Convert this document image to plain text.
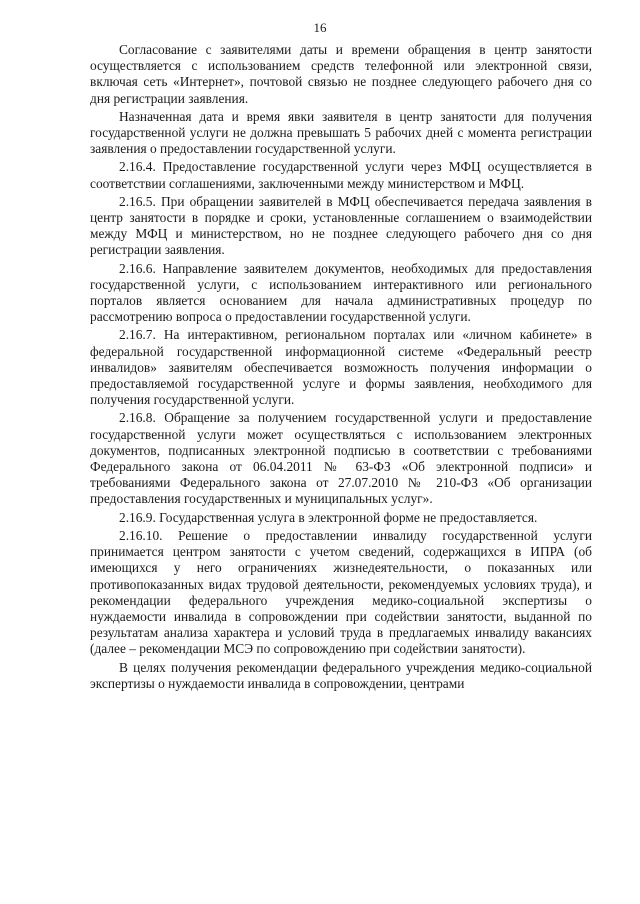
16

Согласование с заявителями даты и времени обращения в центр занятости осуществляется с использованием средств телефонной или электронной связи, включая сеть «Интернет», почтовой связью не позднее следующего рабочего дня со дня регистрации заявления.

Назначенная дата и время явки заявителя в центр занятости для получения государственной услуги не должна превышать 5 рабочих дней с момента регистрации заявления о предоставлении государственной услуги.

2.16.4. Предоставление государственной услуги через МФЦ осуществляется в соответствии соглашениями, заключенными между министерством и МФЦ.

2.16.5. При обращении заявителей в МФЦ обеспечивается передача заявления в центр занятости в порядке и сроки, установленные соглашением о взаимодействии между МФЦ и министерством, но не позднее следующего рабочего дня со дня регистрации заявления.

2.16.6. Направление заявителем документов, необходимых для предоставления государственной услуги, с использованием интерактивного или регионального порталов является основанием для начала административных процедур по рассмотрению вопроса о предоставлении государственной услуги.

2.16.7. На интерактивном, региональном порталах или «личном кабинете» в федеральной государственной информационной системе «Федеральный реестр инвалидов» заявителям обеспечивается возможность получения информации о предоставляемой государственной услуге и формы заявления, необходимого для получения государственной услуги.

2.16.8. Обращение за получением государственной услуги и предоставление государственной услуги может осуществляться с использованием электронных документов, подписанных электронной подписью в соответствии с требованиями Федерального закона от 06.04.2011 № 63-ФЗ «Об электронной подписи» и требованиями Федерального закона от 27.07.2010 № 210-ФЗ «Об организации предоставления государственных и муниципальных услуг».

2.16.9. Государственная услуга в электронной форме не предоставляется.

2.16.10. Решение о предоставлении инвалиду государственной услуги принимается центром занятости с учетом сведений, содержащихся в ИПРА (об имеющихся у него ограничениях жизнедеятельности, о показанных или противопоказанных видах трудовой деятельности, рекомендуемых условиях труда), и рекомендации федерального учреждения медико-социальной экспертизы о нуждаемости инвалида в сопровождении при содействии занятости, выданной по результатам анализа характера и условий труда в предлагаемых инвалиду вакансиях (далее – рекомендации МСЭ по сопровождению при содействии занятости).

В целях получения рекомендации федерального учреждения медико-социальной экспертизы о нуждаемости инвалида в сопровождении, центрами
